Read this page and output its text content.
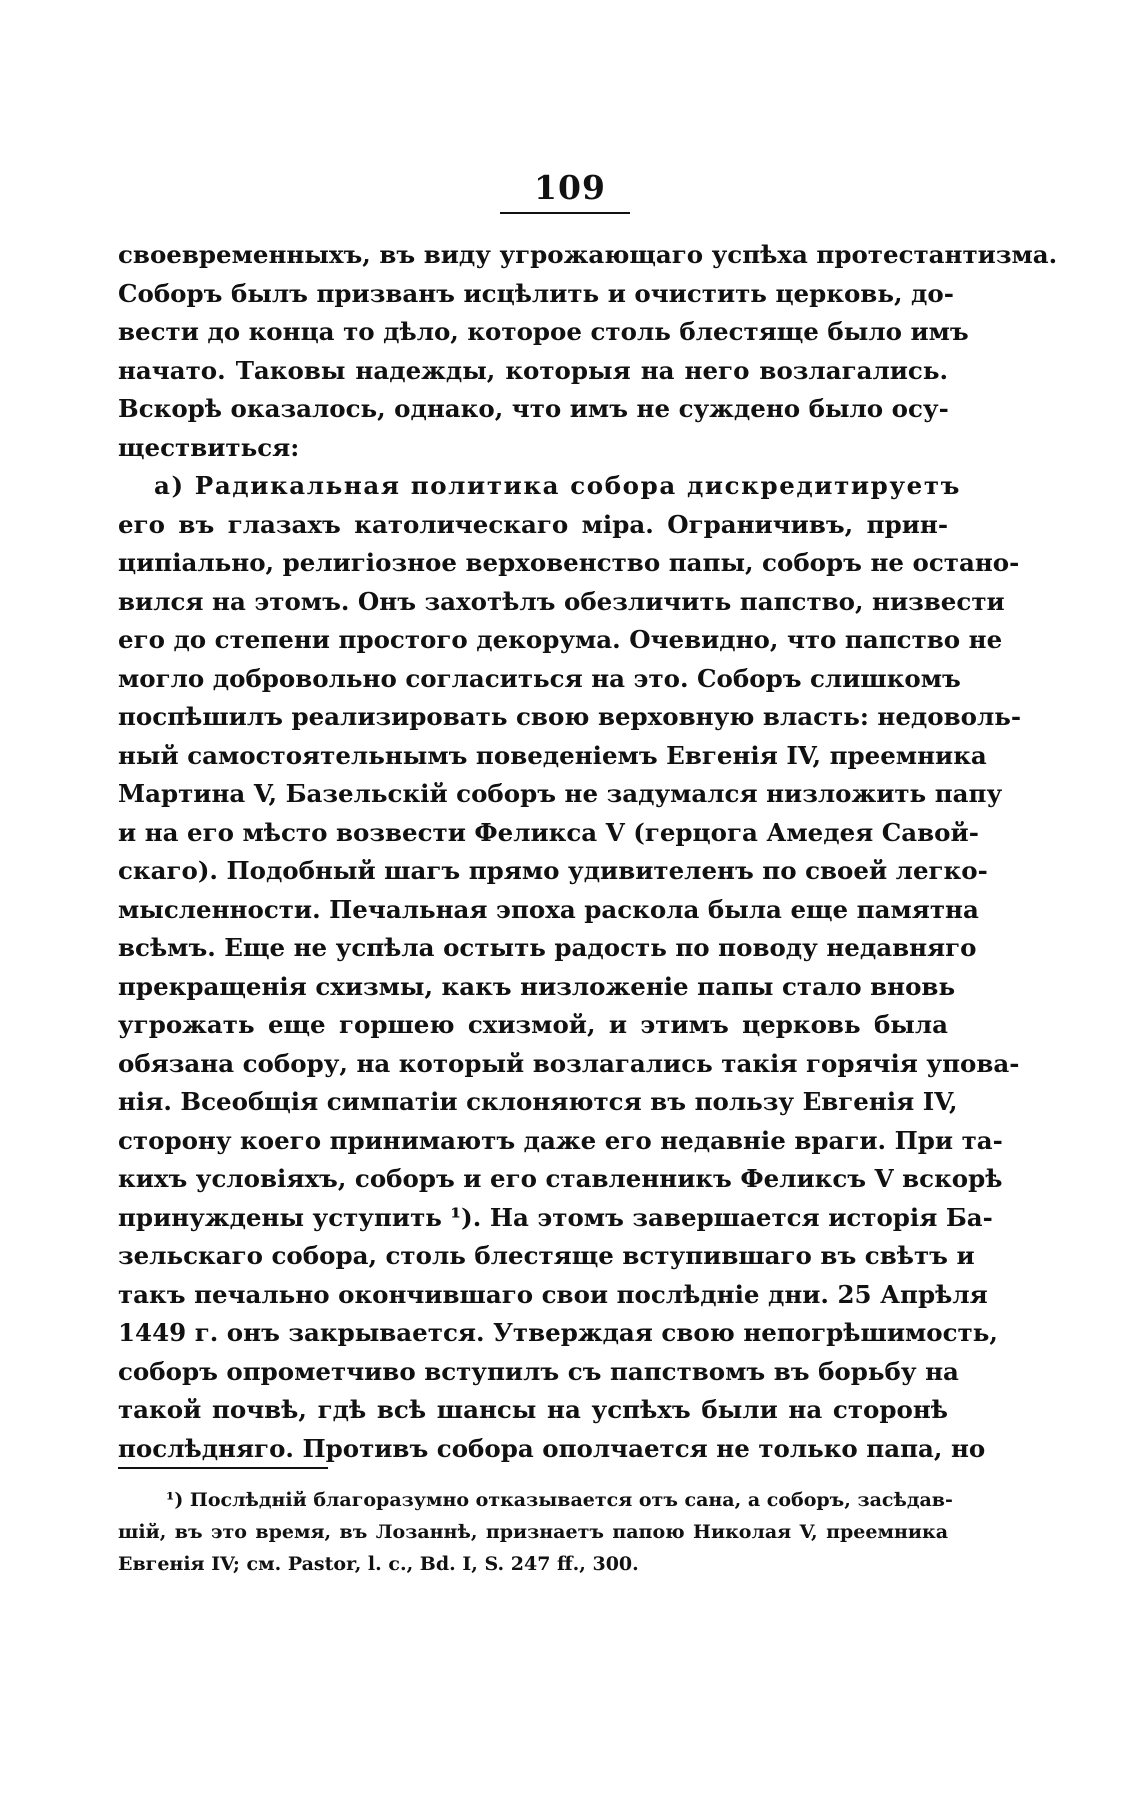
109
своевременныхъ, въ виду угрожающаго успѣха протестантизма.
Соборъ былъ призванъ исцѣлить и очистить церковь, до-
вести до конца то дѣло, которое столь блестяще было имъ
начато. Таковы надежды, которыя на него возлагались.
Вскорѣ оказалось, однако, что имъ не суждено было осу-
ществиться:
а) Радикальная политика собора дискредитируетъ
его въ глазахъ католическаго міра. Ограничивъ, прин-
ципіально, религіозное верховенство папы, соборъ не остано-
вился на этомъ. Онъ захотѣлъ обезличить папство, низвести
его до степени простого декорума. Очевидно, что папство не
могло добровольно согласиться на это. Соборъ слишкомъ
поспѣшилъ реализировать свою верховную власть: недоволь-
ный самостоятельнымъ поведеніемъ Евгенія IV, преемника
Мартина V, Базельскій соборъ не задумался низложить папу
и на его мѣсто возвести Феликса V (герцога Амедея Савой-
скаго). Подобный шагъ прямо удивителенъ по своей легко-
мысленности. Печальная эпоха раскола была еще памятна
всѣмъ. Еще не успѣла остыть радость по поводу недавняго
прекращенія схизмы, какъ низложеніе папы стало вновь
угрожать еще горшею схизмой, и этимъ церковь была
обязана собору, на который возлагались такія горячія упова-
нія. Всеобщія симпатіи склоняются въ пользу Евгенія IV,
сторону коего принимаютъ даже его недавніе враги. При та-
кихъ условіяхъ, соборъ и его ставленникъ Феликсъ V вскорѣ
принуждены уступить ¹). На этомъ завершается исторія Ба-
зельскаго собора, столь блестяще вступившаго въ свѣтъ и
такъ печально окончившаго свои послѣдніе дни. 25 Апрѣля
1449 г. онъ закрывается. Утверждая свою непогрѣшимость,
соборъ опрометчиво вступилъ съ папствомъ въ борьбу на
такой почвѣ, гдѣ всѣ шансы на успѣхъ были на сторонѣ
послѣдняго. Противъ собора ополчается не только папа, но
¹) Послѣдній благоразумно отказывается отъ сана, а соборъ, засѣдав-
шій, въ это время, въ Лозаннѣ, признаетъ папою Николая V, преемника
Евгенія IV; см. Pastor, l. c., Bd. I, S. 247 ff., 300.
